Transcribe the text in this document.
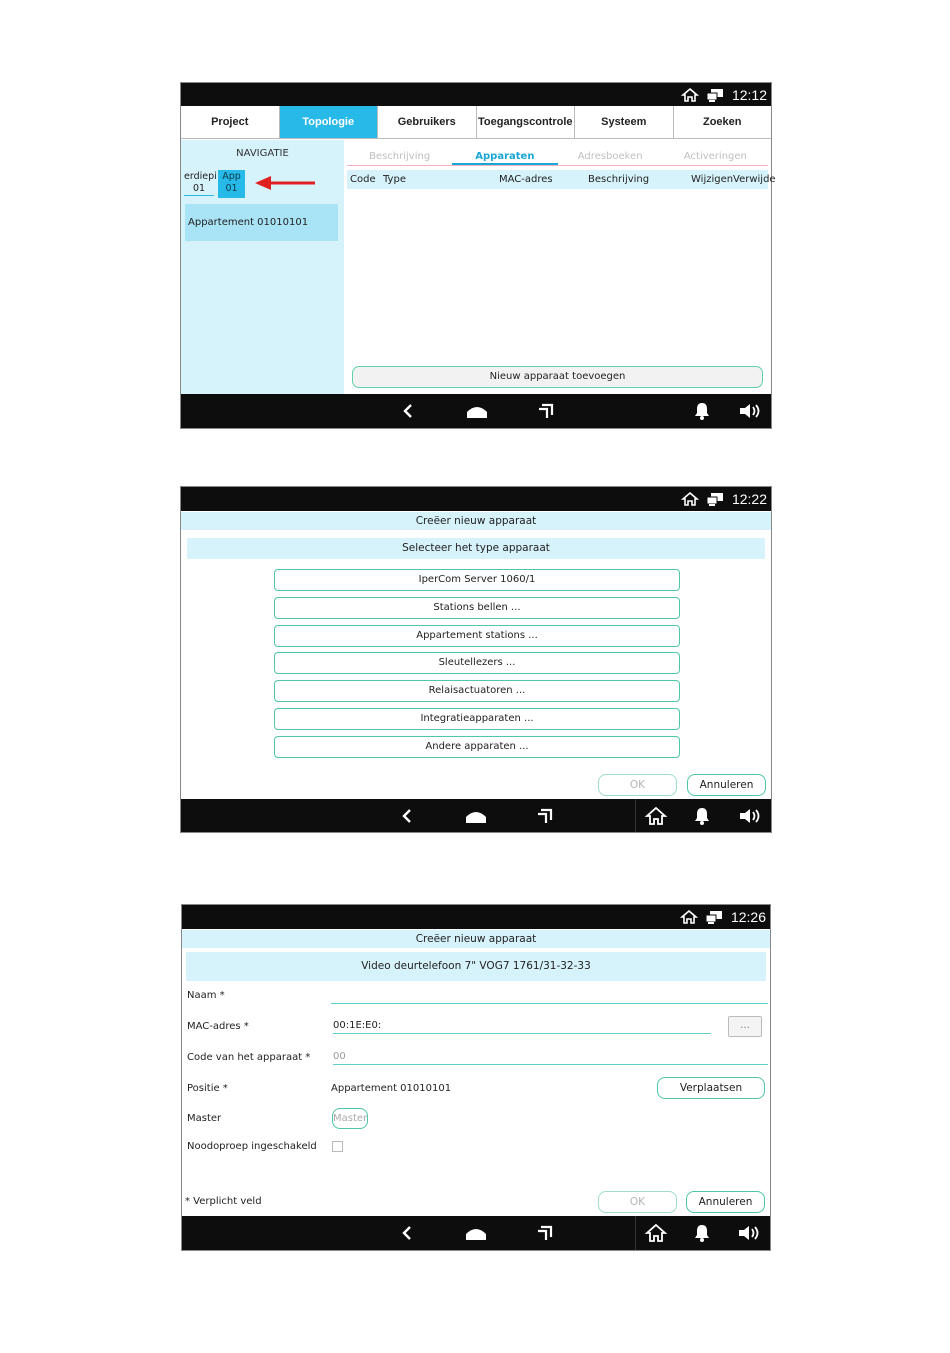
12:12
Project	Topologie	Gebruikers	Toegangscontrole	Systeem	Zoeken
NAVIGATIE
erdiepi
01
App
01
Appartement 01010101
Beschrijving	Apparaten	Adresboeken	Activeringen
Code Type	MAC-adres	Beschrijving	Wijzigen Verwijde
Nieuw apparaat toevoegen
12:22
Creëer nieuw apparaat
Selecteer het type apparaat
IperCom Server 1060/1
Stations bellen ...
Appartement stations ...
Sleutellezers ...
Relaisactuatoren ...
Integratieapparaten ...
Andere apparaten ...
OK	Annuleren
12:26
Creëer nieuw apparaat
Video deurtelefoon 7" VOG7 1761/31-32-33
Naam *
MAC-adres *	00:1E:E0:	...
Code van het apparaat * 00
Positie *	Appartement 01010101	Verplaatsen
Master	Master
Noodoproep ingeschakeld
* Verplicht veld	OK	Annuleren
